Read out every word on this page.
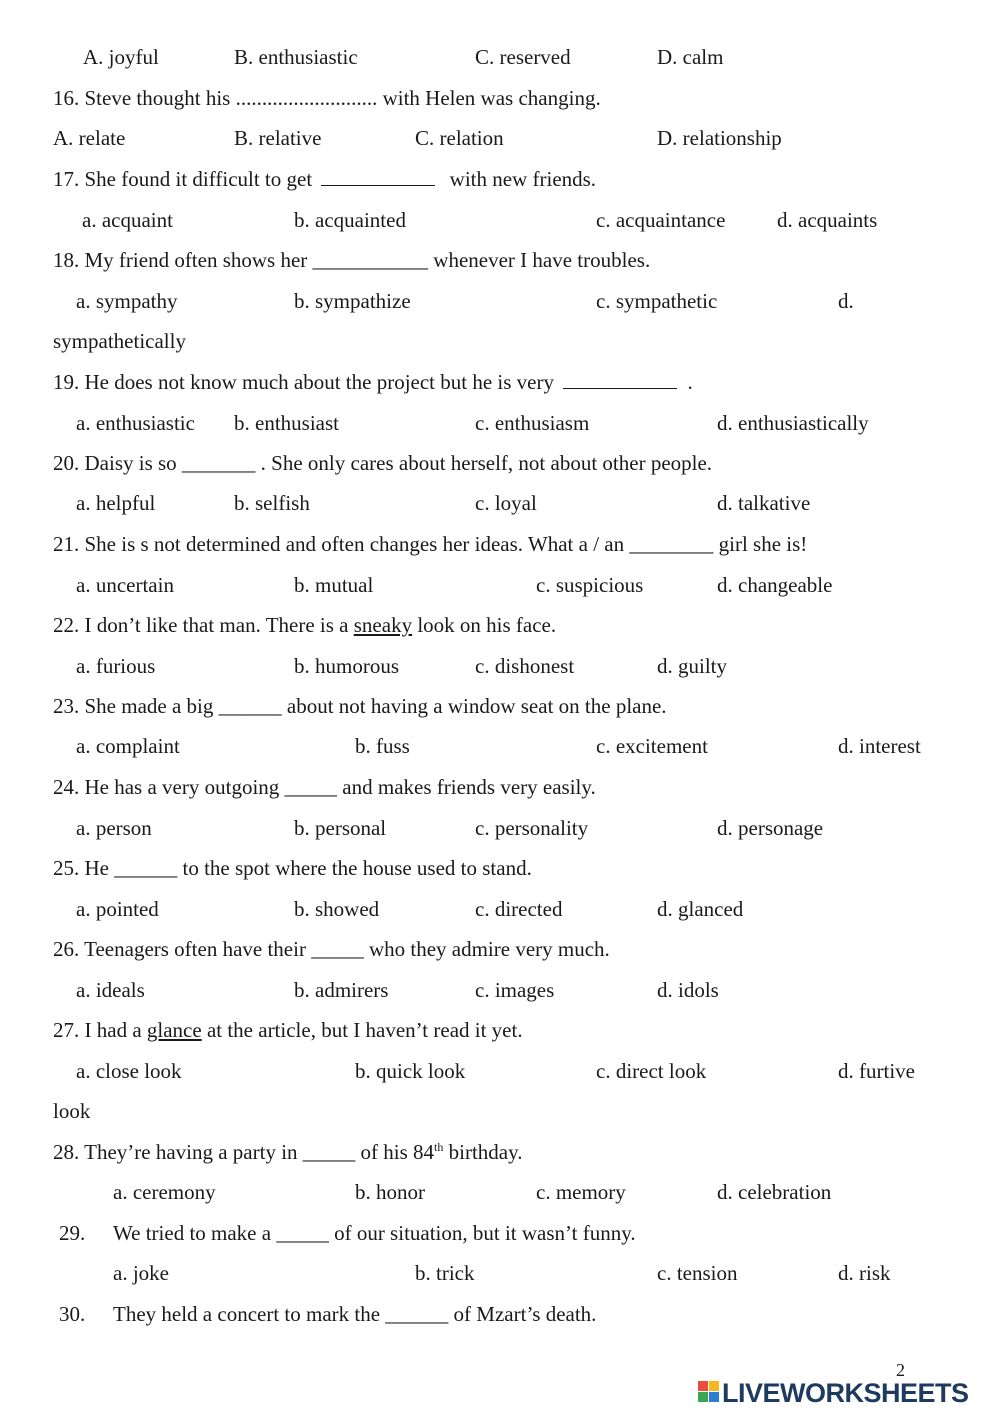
A. joyful	B. enthusiastic	C. reserved	D. calm
16. Steve thought his ........................... with Helen was changing.
A. relate	B. relative	C. relation	D. relationship
17. She found it difficult to get	with new friends.
a. acquaint	b. acquainted	c. acquaintance d. acquaints
18. My friend often shows her ___________ whenever I have troubles.
a. sympathy	b. sympathize	c. sympathetic	d.
sympathetically
19. He does not know much about the project but he is very	.
a. enthusiastic b. enthusiast	c. enthusiasm	d. enthusiastically
20. Daisy is so _______ . She only cares about herself, not about other people.
a. helpful	b. selfish	c. loyal	d. talkative
21. She is s not determined and often changes her ideas. What a / an ________ girl she is!
a. uncertain	b. mutual	c. suspicious	d. changeable
22. I don’t like that man. There is a sneaky look on his face.
a. furious	b. humorous	c. dishonest	d. guilty
23. She made a big ______ about not having a window seat on the plane.
a. complaint	b. fuss	c. excitement	d. interest
24. He has a very outgoing _____ and makes friends very easily.
a. person	b. personal	c. personality	d. personage
25. He ______ to the spot where the house used to stand.
a. pointed	b. showed	c. directed	d. glanced
26. Teenagers often have their _____ who they admire very much.
a. ideals	b. admirers	c. images	d. idols
27. I had a glance at the article, but I haven’t read it yet.
a. close look	b. quick look	c. direct look	d. furtive
look
28. They’re having a party in _____ of his 84th birthday.
a. ceremony	b. honor	c. memory	d. celebration
29. We tried to make a _____ of our situation, but it wasn’t funny.
a. joke	b. trick	c. tension	d. risk
30. They held a concert to mark the ______ of Mzart’s death.
2
LIVEWORKSHEETS
